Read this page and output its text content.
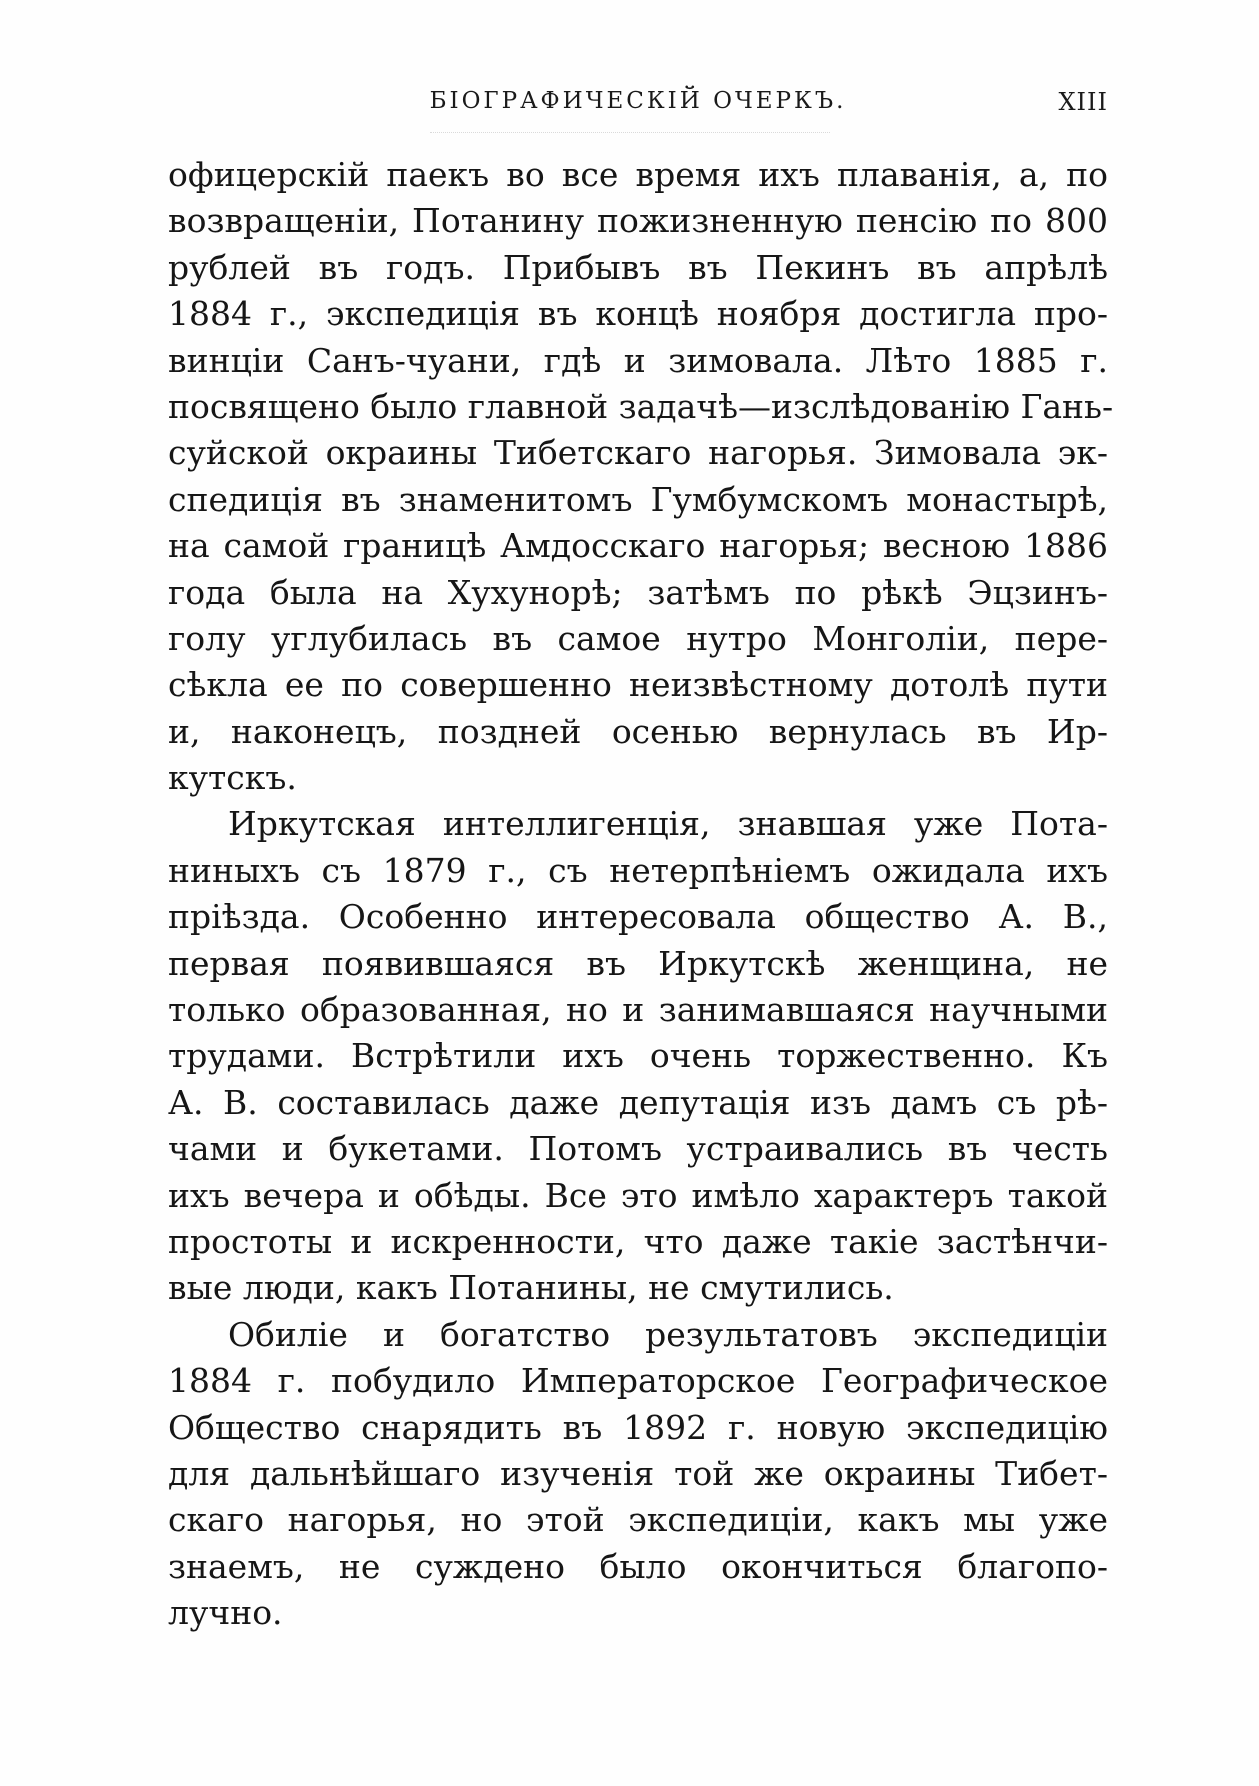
БІОГРАФИЧЕСКІЙ ОЧЕРКЪ.	XIII
офицерскій паекъ во все время ихъ плаванія, а, по
возвращеніи, Потанину пожизненную пенсію по 800
рублей въ годъ. Прибывъ въ Пекинъ въ апрѣлѣ
1884 г., экспедиція въ концѣ ноября достигла про-
винціи Санъ-чуани, гдѣ и зимовала. Лѣто 1885 г.
посвящено было главной задачѣ—изслѣдованію Гань-
суйской окраины Тибетскаго нагорья. Зимовала эк-
спедиція въ знаменитомъ Гумбумскомъ монастырѣ,
на самой границѣ Амдосскаго нагорья; весною 1886
года была на Хухунорѣ; затѣмъ по рѣкѣ Эцзинъ-
голу углубилась въ самое нутро Монголіи, пере-
сѣкла ее по совершенно неизвѣстному дотолѣ пути
и, наконецъ, поздней осенью вернулась въ Ир-
кутскъ.
Иркутская интеллигенція, знавшая уже Пота-
ниныхъ съ 1879 г., съ нетерпѣніемъ ожидала ихъ
пріѣзда. Особенно интересовала общество А. В.,
первая появившаяся въ Иркутскѣ женщина, не
только образованная, но и занимавшаяся научными
трудами. Встрѣтили ихъ очень торжественно. Къ
А. В. составилась даже депутація изъ дамъ съ рѣ-
чами и букетами. Потомъ устраивались въ честь
ихъ вечера и обѣды. Все это имѣло характеръ такой
простоты и искренности, что даже такіе застѣнчи-
вые люди, какъ Потанины, не смутились.
Обиліе и богатство результатовъ экспедиціи
1884 г. побудило Императорское Географическое
Общество снарядить въ 1892 г. новую экспедицію
для дальнѣйшаго изученія той же окраины Тибет-
скаго нагорья, но этой экспедиціи, какъ мы уже
знаемъ, не суждено было окончиться благопо-
лучно.
